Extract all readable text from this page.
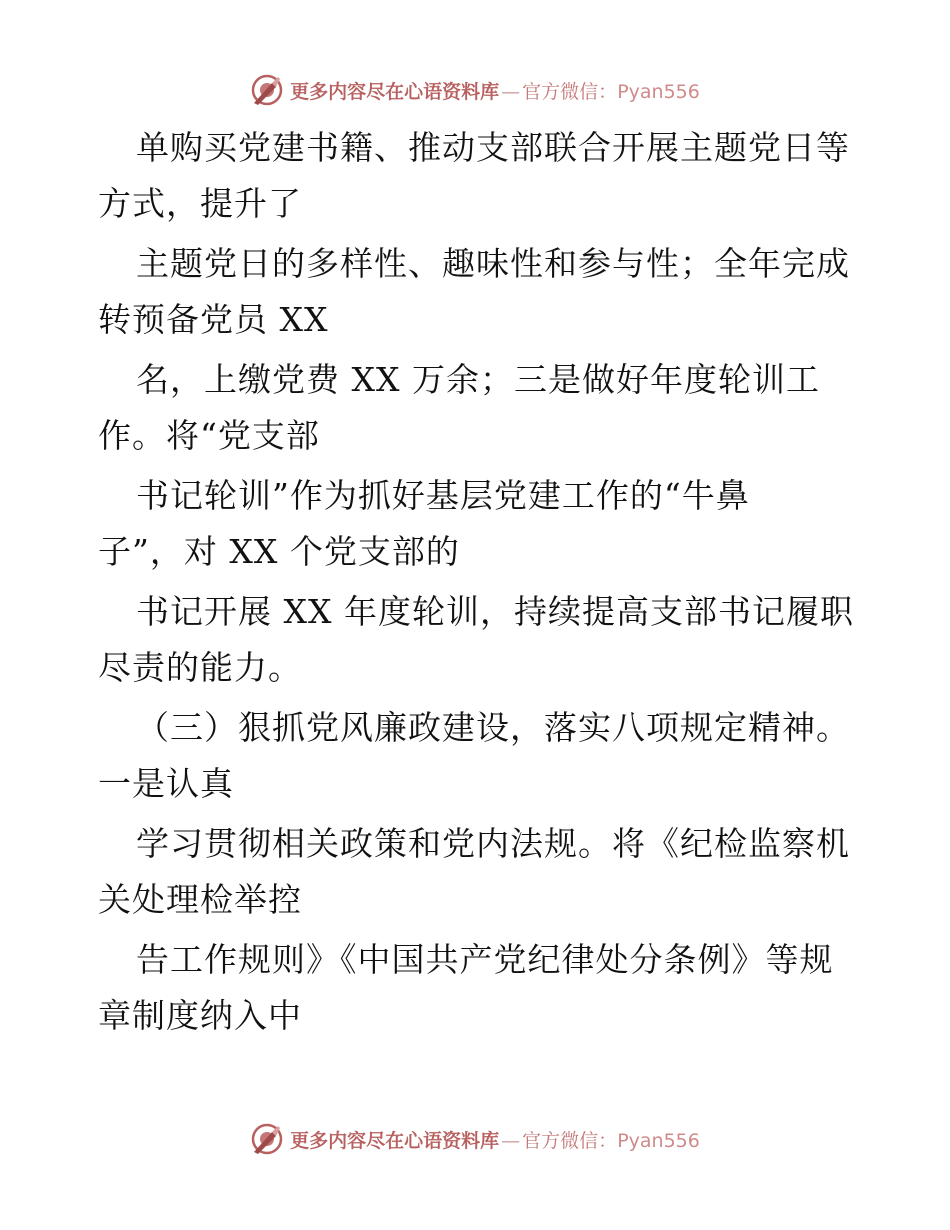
更多内容尽在心语资料库 — 官方微信：Pyan556
单购买党建书籍、推动支部联合开展主题党日等
方式，提升了
主题党日的多样性、趣味性和参与性；全年完成
转预备党员 XX
名，上缴党费 XX 万余；三是做好年度轮训工
作。将“党支部
书记轮训”作为抓好基层党建工作的“牛鼻
子”，对 XX 个党支部的
书记开展 XX 年度轮训，持续提高支部书记履职
尽责的能力。
（三）狠抓党风廉政建设，落实八项规定精神。
一是认真
学习贯彻相关政策和党内法规。将《纪检监察机
关处理检举控
告工作规则》《中国共产党纪律处分条例》等规
章制度纳入中
更多内容尽在心语资料库 — 官方微信：Pyan556
